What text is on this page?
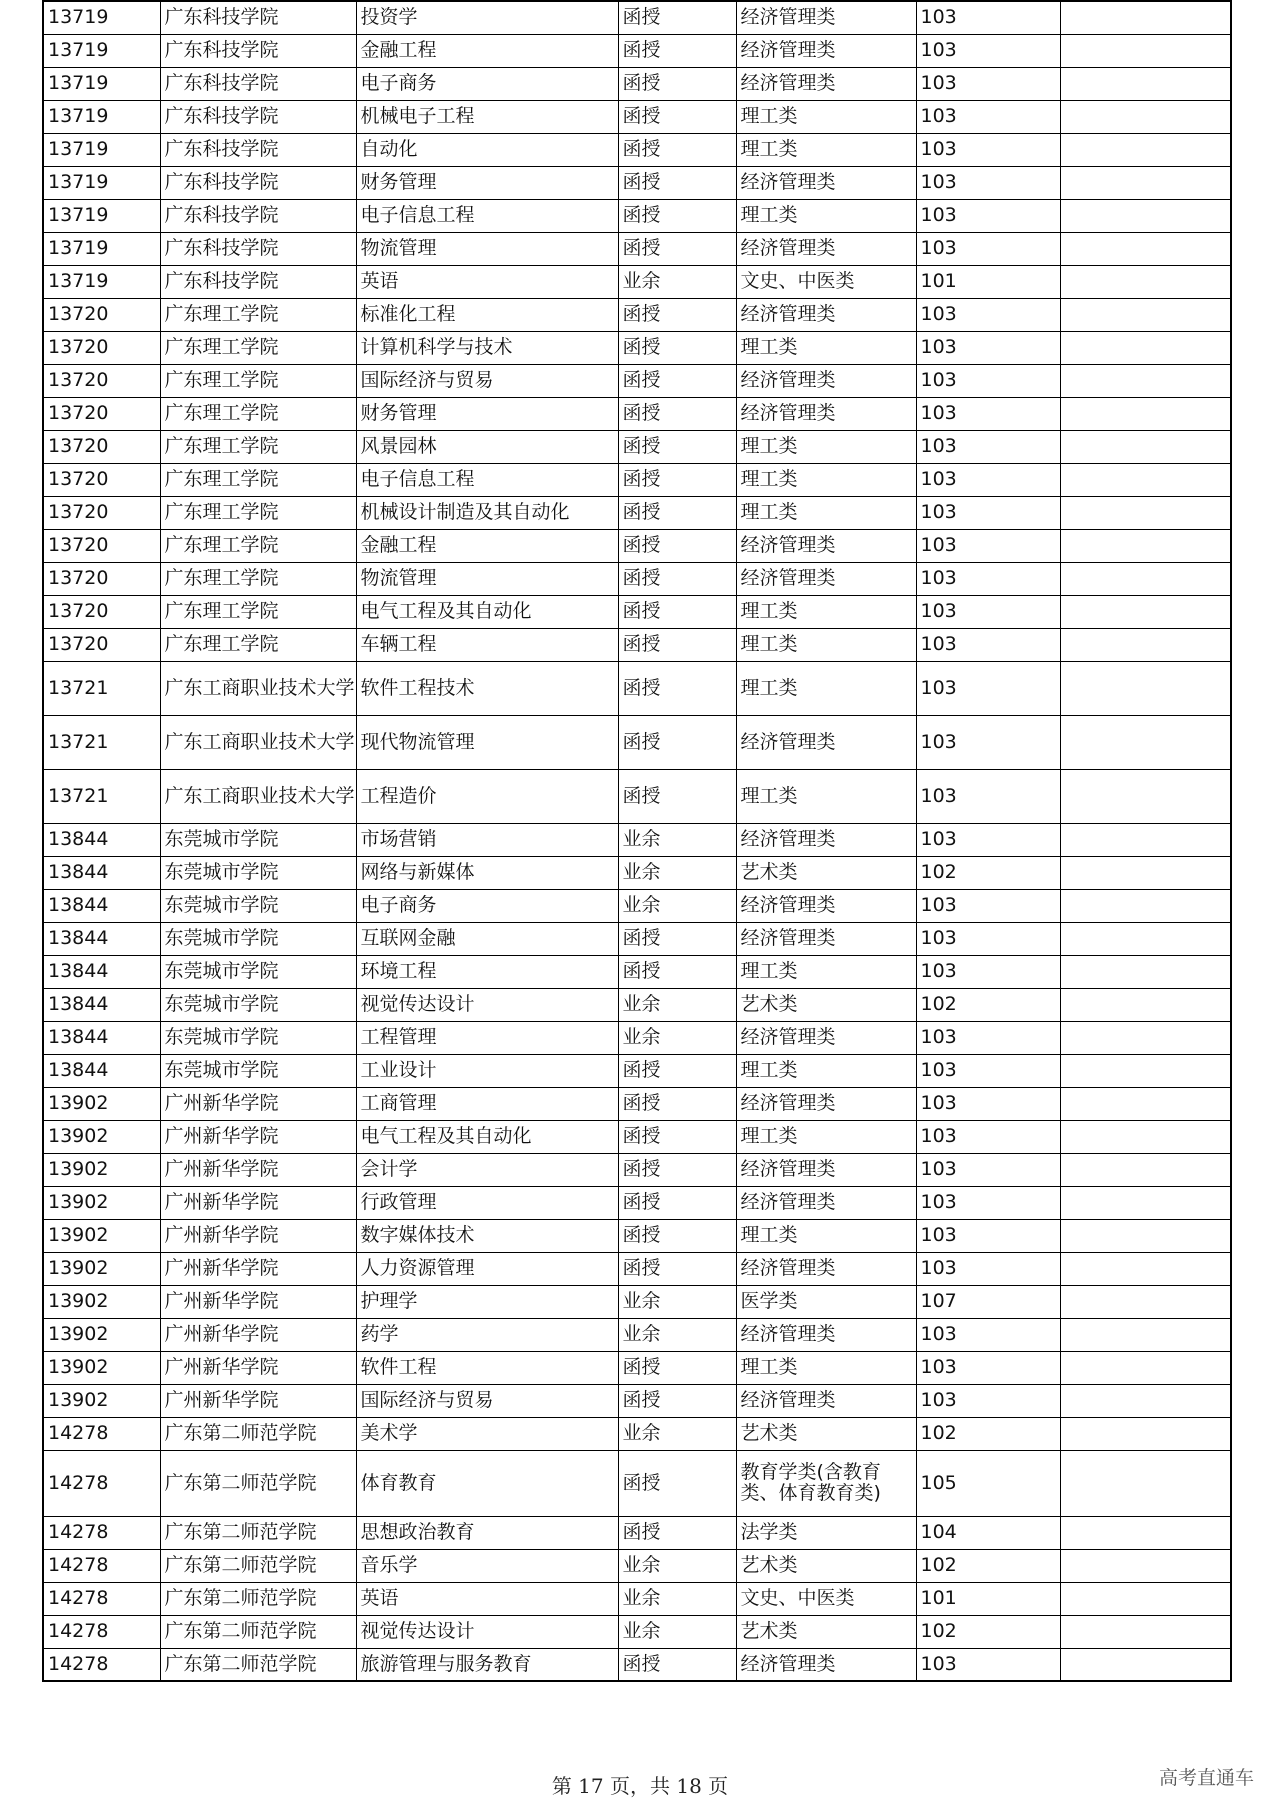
13719	广东科技学院	投资学	函授	经济管理类	103	
13719	广东科技学院	金融工程	函授	经济管理类	103	
13719	广东科技学院	电子商务	函授	经济管理类	103	
13719	广东科技学院	机械电子工程	函授	理工类	103	
13719	广东科技学院	自动化	函授	理工类	103	
13719	广东科技学院	财务管理	函授	经济管理类	103	
13719	广东科技学院	电子信息工程	函授	理工类	103	
13719	广东科技学院	物流管理	函授	经济管理类	103	
13719	广东科技学院	英语	业余	文史、中医类	101	
13720	广东理工学院	标准化工程	函授	经济管理类	103	
13720	广东理工学院	计算机科学与技术	函授	理工类	103	
13720	广东理工学院	国际经济与贸易	函授	经济管理类	103	
13720	广东理工学院	财务管理	函授	经济管理类	103	
13720	广东理工学院	风景园林	函授	理工类	103	
13720	广东理工学院	电子信息工程	函授	理工类	103	
13720	广东理工学院	机械设计制造及其自动化	函授	理工类	103	
13720	广东理工学院	金融工程	函授	经济管理类	103	
13720	广东理工学院	物流管理	函授	经济管理类	103	
13720	广东理工学院	电气工程及其自动化	函授	理工类	103	
13720	广东理工学院	车辆工程	函授	理工类	103	
13721	广东工商职业技术大学	软件工程技术	函授	理工类	103	
13721	广东工商职业技术大学	现代物流管理	函授	经济管理类	103	
13721	广东工商职业技术大学	工程造价	函授	理工类	103	
13844	东莞城市学院	市场营销	业余	经济管理类	103	
13844	东莞城市学院	网络与新媒体	业余	艺术类	102	
13844	东莞城市学院	电子商务	业余	经济管理类	103	
13844	东莞城市学院	互联网金融	函授	经济管理类	103	
13844	东莞城市学院	环境工程	函授	理工类	103	
13844	东莞城市学院	视觉传达设计	业余	艺术类	102	
13844	东莞城市学院	工程管理	业余	经济管理类	103	
13844	东莞城市学院	工业设计	函授	理工类	103	
13902	广州新华学院	工商管理	函授	经济管理类	103	
13902	广州新华学院	电气工程及其自动化	函授	理工类	103	
13902	广州新华学院	会计学	函授	经济管理类	103	
13902	广州新华学院	行政管理	函授	经济管理类	103	
13902	广州新华学院	数字媒体技术	函授	理工类	103	
13902	广州新华学院	人力资源管理	函授	经济管理类	103	
13902	广州新华学院	护理学	业余	医学类	107	
13902	广州新华学院	药学	业余	经济管理类	103	
13902	广州新华学院	软件工程	函授	理工类	103	
13902	广州新华学院	国际经济与贸易	函授	经济管理类	103	
14278	广东第二师范学院	美术学	业余	艺术类	102	
14278	广东第二师范学院	体育教育	函授	教育学类(含教育类、体育教育类)	105	
14278	广东第二师范学院	思想政治教育	函授	法学类	104	
14278	广东第二师范学院	音乐学	业余	艺术类	102	
14278	广东第二师范学院	英语	业余	文史、中医类	101	
14278	广东第二师范学院	视觉传达设计	业余	艺术类	102	
14278	广东第二师范学院	旅游管理与服务教育	函授	经济管理类	103	
第 17 页，共 18 页	高考直通车
